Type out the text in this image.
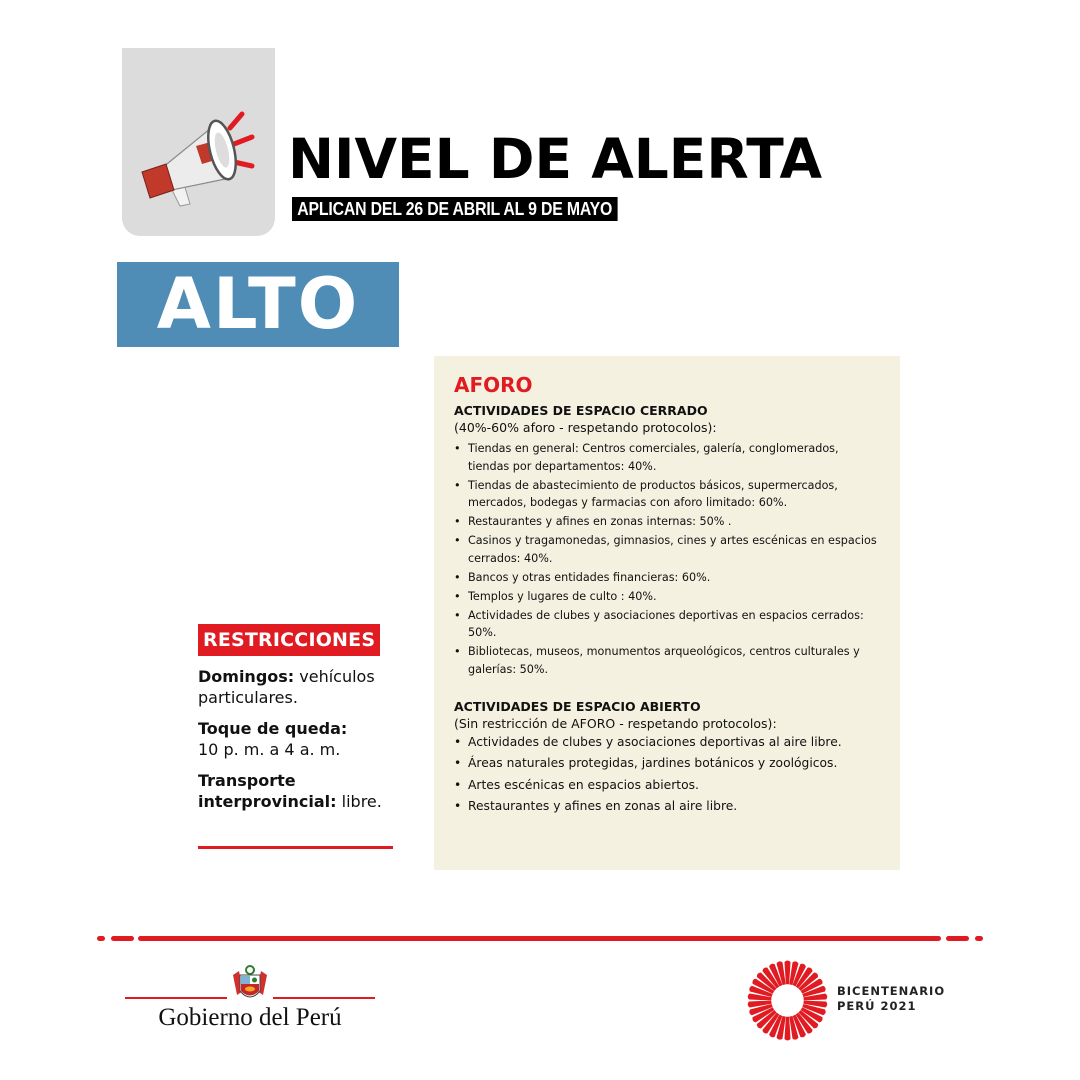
NIVEL DE ALERTA
APLICAN DEL 26 DE ABRIL AL 9 DE MAYO
ALTO
RESTRICCIONES
Domingos: vehículos particulares.
Toque de queda:
10 p. m. a 4 a. m.
Transporte interprovincial: libre.
AFORO
ACTIVIDADES DE ESPACIO CERRADO
(40%-60% aforo - respetando protocolos):
• Tiendas en general: Centros comerciales, galería, conglomerados, tiendas por departamentos: 40%.
• Tiendas de abastecimiento de productos básicos, supermercados, mercados, bodegas y farmacias con aforo limitado: 60%.
• Restaurantes y afines en zonas internas: 50% .
• Casinos y tragamonedas, gimnasios, cines y artes escénicas en espacios cerrados: 40%.
• Bancos y otras entidades financieras: 60%.
• Templos y lugares de culto : 40%.
• Actividades de clubes y asociaciones deportivas en espacios cerrados: 50%.
• Bibliotecas, museos, monumentos arqueológicos, centros culturales y galerías: 50%.
ACTIVIDADES DE ESPACIO ABIERTO
(Sin restricción de AFORO - respetando protocolos):
• Actividades de clubes y asociaciones deportivas al aire libre.
• Áreas naturales protegidas, jardines botánicos y zoológicos.
• Artes escénicas en espacios abiertos.
• Restaurantes y afines en zonas al aire libre.
Gobierno del Perú
BICENTENARIO
PERÚ 2021
